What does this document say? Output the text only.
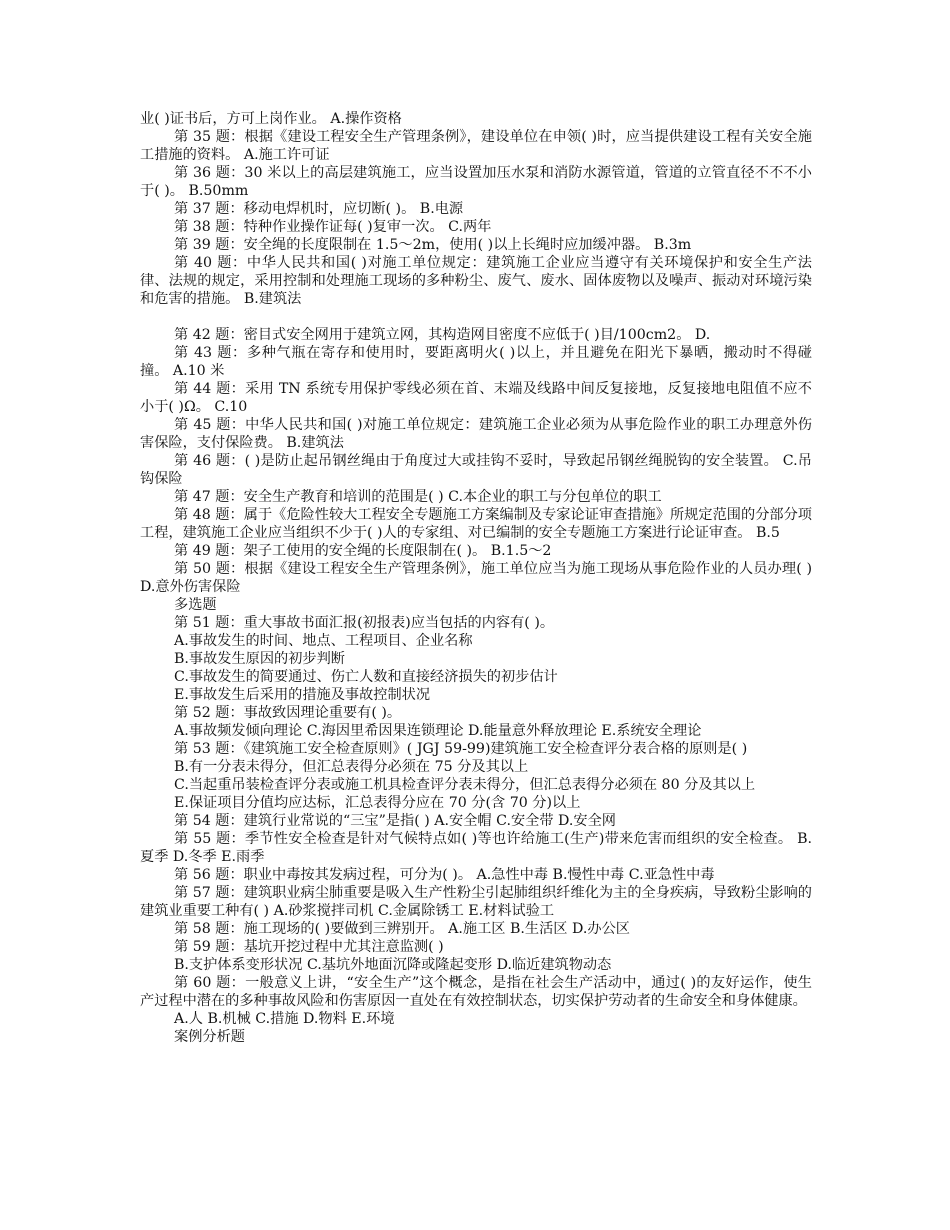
业( )证书后，方可上岗作业。 A.操作资格

第 35 题：根据《建设工程安全生产管理条例》，建设单位在申领( )时，应当提供建设工程有关安全施工措施的资料。 A.施工许可证

第 36 题：30 米以上的高层建筑施工，应当设置加压水泵和消防水源管道，管道的立管直径不不不小于( )。 B.50mm

第 37 题：移动电焊机时，应切断( )。 B.电源

第 38 题：特种作业操作证每( )复审一次。 C.两年

第 39 题：安全绳的长度限制在 1.5～2m，使用( )以上长绳时应加缓冲器。 B.3m

第 40 题：中华人民共和国( )对施工单位规定：建筑施工企业应当遵守有关环境保护和安全生产法律、法规的规定，采用控制和处理施工现场的多种粉尘、废气、废水、固体废物以及噪声、振动对环境污染和危害的措施。 B.建筑法

第 42 题：密目式安全网用于建筑立网，其构造网目密度不应低于( )目/100cm2。 D.

第 43 题：多种气瓶在寄存和使用时，要距离明火( )以上，并且避免在阳光下暴晒，搬动时不得碰撞。 A.10 米

第 44 题：采用 TN 系统专用保护零线必须在首、末端及线路中间反复接地，反复接地电阻值不应不小于( )Ω。 C.10

第 45 题：中华人民共和国( )对施工单位规定：建筑施工企业必须为从事危险作业的职工办理意外伤害保险，支付保险费。 B.建筑法

第 46 题：( )是防止起吊钢丝绳由于角度过大或挂钩不妥时，导致起吊钢丝绳脱钩的安全装置。 C.吊钩保险

第 47 题：安全生产教育和培训的范围是( ) C.本企业的职工与分包单位的职工

第 48 题：属于《危险性较大工程安全专题施工方案编制及专家论证审查措施》所规定范围的分部分项工程，建筑施工企业应当组织不少于( )人的专家组、对已编制的安全专题施工方案进行论证审查。 B.5

第 49 题：架子工使用的安全绳的长度限制在( )。 B.1.5～2

第 50 题：根据《建设工程安全生产管理条例》，施工单位应当为施工现场从事危险作业的人员办理( ) D.意外伤害保险

多选题

第 51 题：重大事故书面汇报(初报表)应当包括的内容有( )。

A.事故发生的时间、地点、工程项目、企业名称

B.事故发生原因的初步判断

C.事故发生的简要通过、伤亡人数和直接经济损失的初步估计

E.事故发生后采用的措施及事故控制状况

第 52 题：事故致因理论重要有( )。

A.事故频发倾向理论 C.海因里希因果连锁理论 D.能量意外释放理论 E.系统安全理论

第 53 题：《建筑施工安全检查原则》( JGJ 59-99)建筑施工安全检查评分表合格的原则是( )

B.有一分表未得分，但汇总表得分必须在 75 分及其以上

C.当起重吊装检查评分表或施工机具检查评分表未得分，但汇总表得分必须在 80 分及其以上

E.保证项目分值均应达标，汇总表得分应在 70 分(含 70 分)以上

第 54 题：建筑行业常说的“三宝”是指( ) A.安全帽 C.安全带 D.安全网

第 55 题：季节性安全检查是针对气候特点如( )等也许给施工(生产)带来危害而组织的安全检查。 B.夏季 D.冬季 E.雨季

第 56 题：职业中毒按其发病过程，可分为( )。 A.急性中毒 B.慢性中毒 C.亚急性中毒

第 57 题：建筑职业病尘肺重要是吸入生产性粉尘引起肺组织纤维化为主的全身疾病，导致粉尘影响的建筑业重要工种有( ) A.砂浆搅拌司机 C.金属除锈工 E.材料试验工

第 58 题：施工现场的( )要做到三辨别开。 A.施工区 B.生活区 D.办公区

第 59 题：基坑开挖过程中尤其注意监测( )

B.支护体系变形状况 C.基坑外地面沉降或隆起变形 D.临近建筑物动态

第 60 题：一般意义上讲，“安全生产”这个概念，是指在社会生产活动中，通过( )的友好运作，使生产过程中潜在的多种事故风险和伤害原因一直处在有效控制状态，切实保护劳动者的生命安全和身体健康。

A.人 B.机械 C.措施 D.物料 E.环境

案例分析题
